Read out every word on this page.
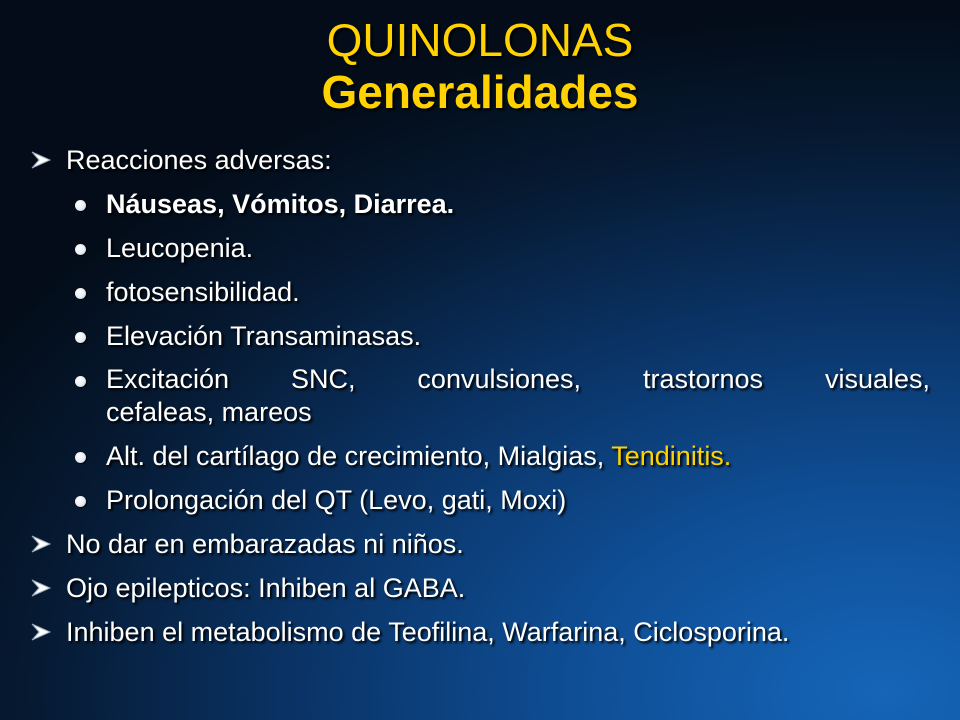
QUINOLONAS
Generalidades
Reacciones adversas:
Náuseas, Vómitos, Diarrea.
Leucopenia.
fotosensibilidad.
Elevación Transaminasas.
Excitación SNC, convulsiones, trastornos visuales,
cefaleas, mareos
Alt. del cartílago de crecimiento, Mialgias, Tendinitis.
Prolongación del QT (Levo, gati, Moxi)
No dar en embarazadas ni niños.
Ojo epilepticos: Inhiben al GABA.
Inhiben el metabolismo de Teofilina, Warfarina, Ciclosporina.
